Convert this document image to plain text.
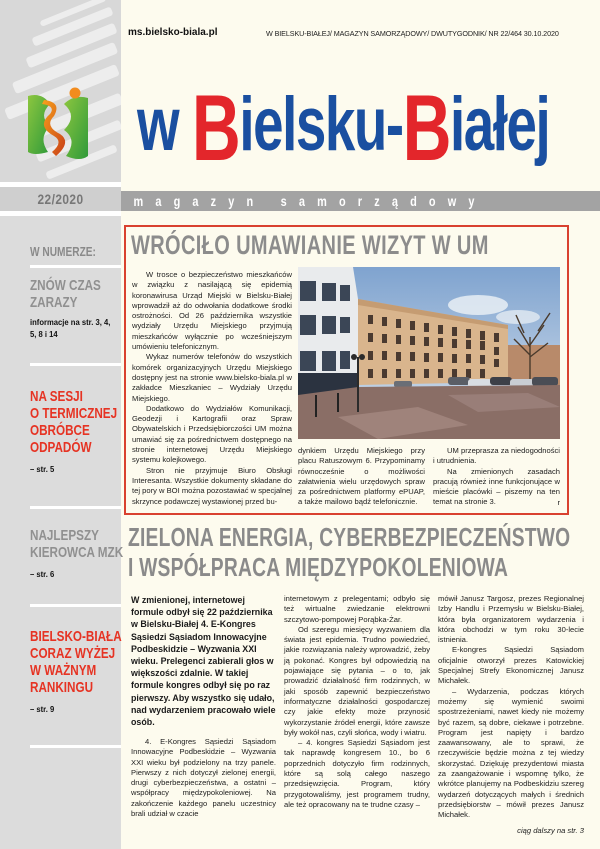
22/2020
ms.bielsko-biala.pl	W BIELSKU-BIAŁEJ/ MAGAZYN SAMORZĄDOWY/ DWUTYGODNIK/ NR 22/464 30.10.2020
w Bielsku-Białej
magazyn samorządowy
W NUMERZE:
ZNÓW CZAS
ZARAZY
informacje na str. 3, 4,
5, 8 i 14
NA SESJI
O TERMICZNEJ
OBRÓBCE
ODPADÓW
– str. 5
NAJLEPSZY
KIEROWCA MZK
– str. 6
BIELSKO-BIAŁA
CORAZ WYŻEJ
W WAŻNYM
RANKINGU
– str. 9
WRÓCIŁO UMAWIANIE WIZYT W UM

W trosce o bezpieczeństwo mieszkańców w związku z nasilającą się epidemią koronawirusa Urząd Miejski w Bielsku-Białej wprowadził aż do odwołania dodatkowe środki ostrożności. Od 26 października wszystkie wydziały Urzędu Miejskiego przyjmują mieszkańców wyłącznie po wcześniejszym umówieniu telefonicznym.

Wykaz numerów telefonów do wszystkich komórek organizacyjnych Urzędu Miejskiego dostępny jest na stronie www.bielsko-biala.pl w zakładce Mieszkaniec – Wydziały Urzędu Miejskiego.

Dodatkowo do Wydziałów Komunikacji, Geodezji i Kartografii oraz Spraw Obywatelskich i Przedsiębiorczości UM można umawiać się za pośrednictwem dostępnego na stronie internetowej Urzędu Miejskiego systemu kolejkowego.

Stron nie przyjmuje Biuro Obsługi Interesanta. Wszystkie dokumenty składane do tej pory w BOI można pozostawiać w specjalnej skrzynce podawczej wystawionej przed bu-

dynkiem Urzędu Miejskiego przy placu Ratuszowym 6. Przypominamy równocześnie o możliwości załatwienia wielu urzędowych spraw za pośrednictwem platformy ePUAP, a także mailowo bądź telefonicznie.

UM przeprasza za niedogodności i utrudnienia.

Na zmienionych zasadach pracują również inne funkcjonujące w mieście placówki – piszemy na ten temat na stronie 3.	r
ZIELONA ENERGIA, CYBERBEZPIECZEŃSTWO
I WSPÓŁPRACA MIĘDZYPOKOLENIOWA
W zmienionej, internetowej formule odbył się 22 października w Bielsku-Białej 4. E-Kongres Sąsiedzi Sąsiadom Innowacyjne Podbeskidzie – Wyzwania XXI wieku. Prelegenci zabierali głos w większości zdalnie. W takiej formule kongres odbył się po raz pierwszy. Aby wszystko się udało, nad wydarzeniem pracowało wiele osób.

4. E-Kongres Sąsiedzi Sąsiadom Innowacyjne Podbeskidzie – Wyzwania XXI wieku był podzielony na trzy panele. Pierwszy z nich dotyczył zielonej energii, drugi cyberbezpieczeństwa, a ostatni – współpracy międzypokoleniowej. Na zakończenie każdego panelu uczestnicy brali udział w czacie

internetowym z prelegentami; odbyło się też wirtualne zwiedzanie elektrowni szczytowo-pompowej Porąbka-Żar.

Od szeregu miesięcy wyzwaniem dla świata jest epidemia. Trudno powiedzieć, jakie rozwiązania należy wprowadzić, żeby ją pokonać. Kongres był odpowiedzią na pojawiające się pytania – o to, jak prowadzić działalność firm rodzinnych, w jaki sposób zapewnić bezpieczeństwo informatyczne działalności gospodarczej czy jakie efekty może przynosić wykorzystanie źródeł energii, które zawsze były wokół nas, czyli słońca, wody i wiatru.

– 4. kongres Sąsiedzi Sąsiadom jest tak naprawdę kongresem 10., bo 6 poprzednich dotyczyło firm rodzinnych, które są solą całego naszego przedsięwzięcia. Program, który przygotowaliśmy, jest programem trudny, ale też opracowany na te trudne czasy –

mówił Janusz Targosz, prezes Regionalnej Izby Handlu i Przemysłu w Bielsku-Białej, która była organizatorem wydarzenia i która obchodzi w tym roku 30-lecie istnienia.

E-kongres Sąsiedzi Sąsiadom oficjalnie otworzył prezes Katowickiej Specjalnej Strefy Ekonomicznej Janusz Michałek.

– Wydarzenia, podczas których możemy się wymienić swoimi spostrzeżeniami, nawet kiedy nie możemy być razem, są dobre, ciekawe i potrzebne. Program jest napięty i bardzo zaawansowany, ale to sprawi, że rzeczywiście będzie można z tej wiedzy skorzystać. Dziękuję prezydentowi miasta za zaangażowanie i wspomnę tylko, że wkrótce planujemy na Podbeskidziu szereg wydarzeń dotyczących małych i średnich przedsiębiorstw – mówił prezes Janusz Michałek.

ciąg dalszy na str. 3
